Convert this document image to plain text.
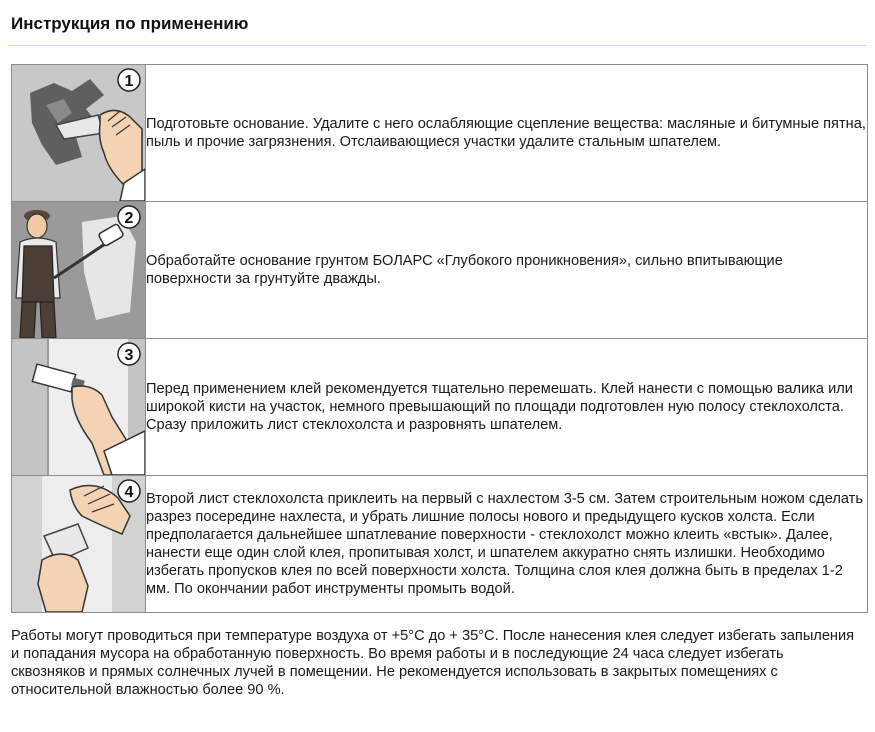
Инструкция по применению
1	Подготовьте основание. Удалите с него ослабляющие сцепление вещества: масляные и битумные пятна, пыль и прочие загрязнения. Отслаивающиеся участки удалите стальным шпателем.

2	Обработайте основание грунтом БОЛАРС «Глубокого проникновения», сильно впитывающие поверхности за грунтуйте дважды.

3	Перед применением клей рекомендуется тщательно перемешать. Клей нанести с помощью валика или широкой кисти на участок, немного превышающий по площади подготовлен ную полосу стеклохолста. Сразу приложить лист стеклохолста и разровнять шпателем.

4	Второй лист стеклохолста приклеить на первый с нахлестом 3-5 см. Затем строительным ножом сделать разрез посередине нахлеста, и убрать лишние полосы нового и предыдущего кусков холста. Если предполагается дальнейшее шпатлевание поверхности - стеклохолст можно клеить «встык». Далее, нанести еще один слой клея, пропитывая холст, и шпателем аккуратно снять излишки. Необходимо избегать пропусков клея по всей поверхности холста. Толщина слоя клея должна быть в пределах 1-2 мм. По окончании работ инструменты промыть водой.
Работы могут проводиться при температуре воздуха от +5°С до + 35°С. После нанесения клея следует избегать запыления и попадания мусора на обработанную поверхность. Во время работы и в последующие 24 часа следует избегать сквозняков и прямых солнечных лучей в помещении. Не рекомендуется использовать в закрытых помещениях с относительной влажностью более 90 %.
